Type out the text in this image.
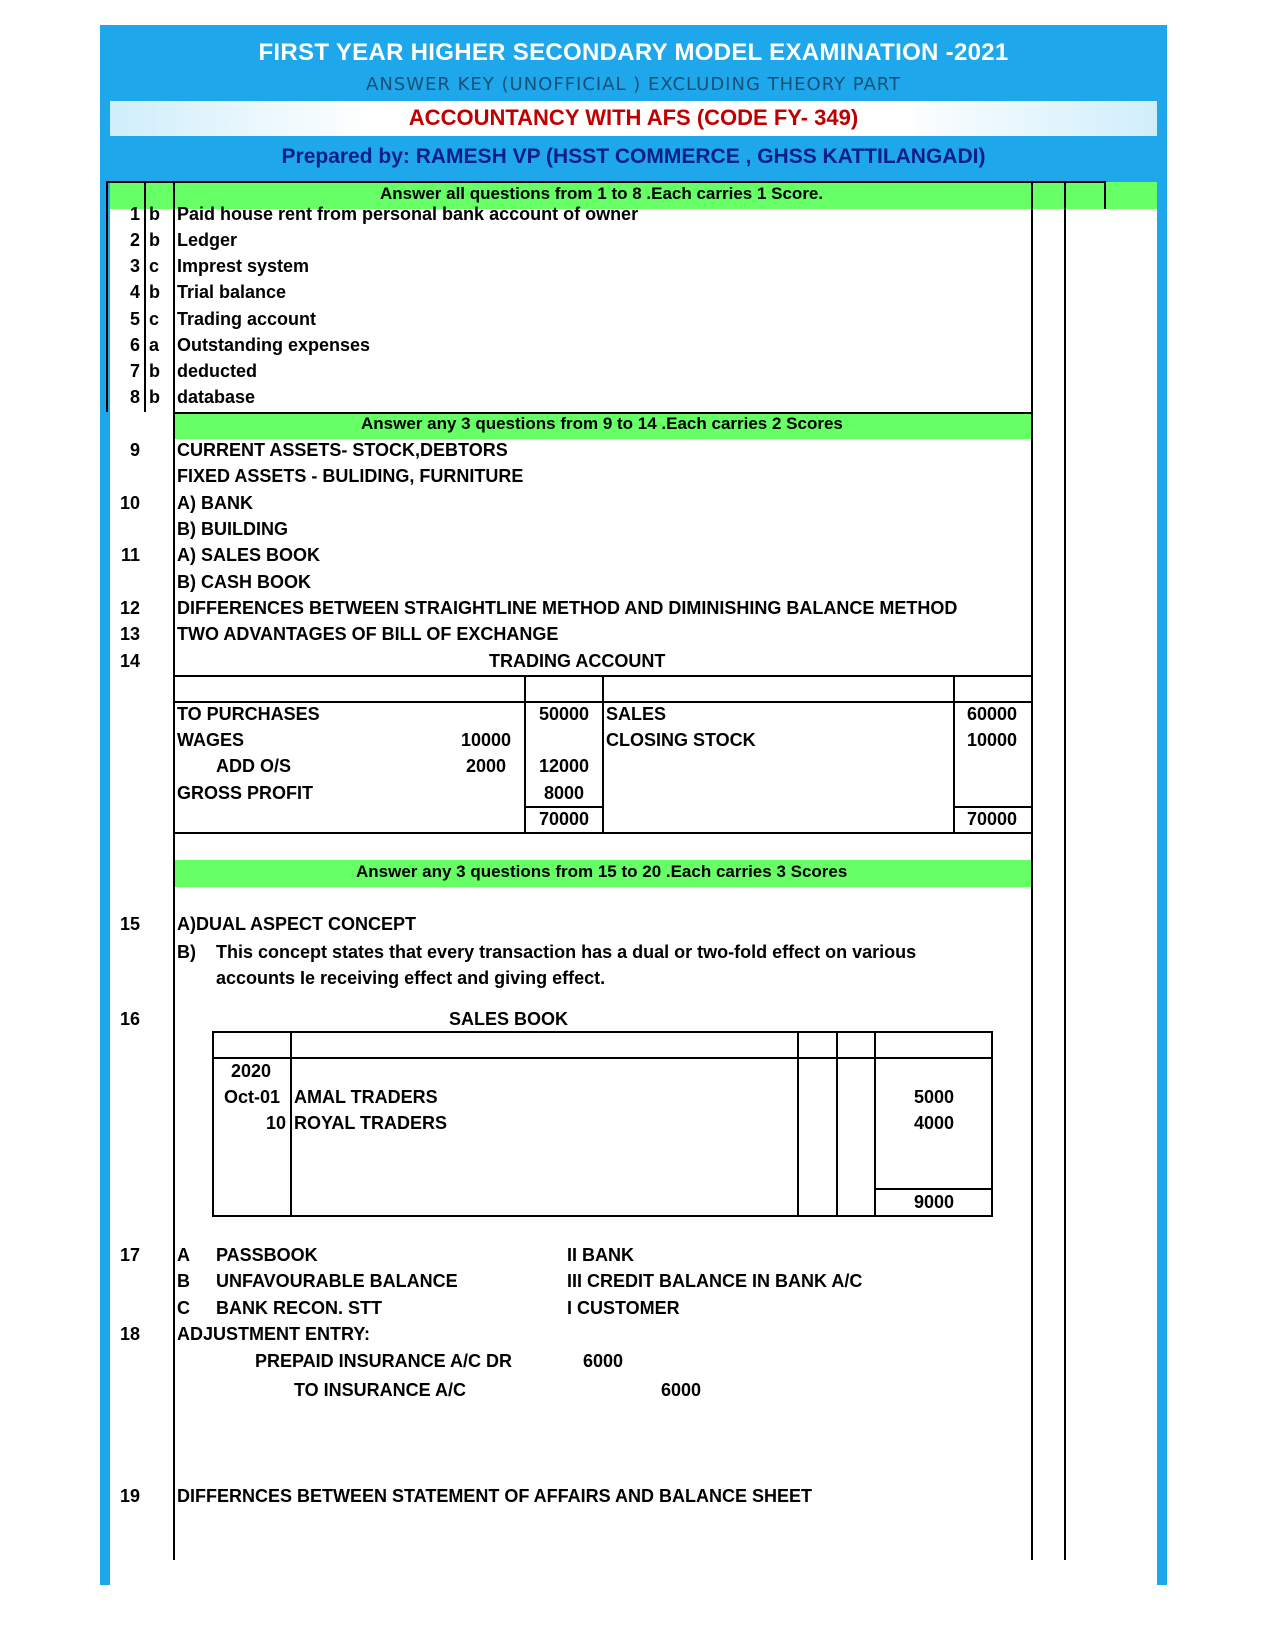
FIRST YEAR HIGHER SECONDARY MODEL EXAMINATION -2021
ANSWER KEY (UNOFFICIAL ) EXCLUDING THEORY PART
ACCOUNTANCY WITH AFS (CODE FY- 349)
Prepared by: RAMESH VP (HSST COMMERCE , GHSS KATTILANGADI)
Answer all questions from 1 to 8 .Each carries 1 Score.
1 b Paid house rent from personal bank account of owner
2 b Ledger
3 c Imprest system
4 b Trial balance
5 c Trading account
6 a Outstanding expenses
7 b deducted
8 b database
Answer any 3 questions from 9 to 14 .Each carries 2 Scores
9 CURRENT ASSETS- STOCK,DEBTORS
FIXED ASSETS - BULIDING, FURNITURE
10 A) BANK
B) BUILDING
11 A) SALES BOOK
B) CASH BOOK
12 DIFFERENCES BETWEEN STRAIGHTLINE METHOD AND DIMINISHING BALANCE METHOD
13 TWO ADVANTAGES OF BILL OF EXCHANGE
14	TRADING ACCOUNT
TO PURCHASES	50000 SALES	60000
WAGES	10000	CLOSING STOCK	10000
ADD O/S	2000 12000
GROSS PROFIT	8000
70000	70000
Answer any 3 questions from 15 to 20 .Each carries 3 Scores
15 A)DUAL ASPECT CONCEPT
B) This concept states that every transaction has a dual or two-fold effect on various
accounts Ie receiving effect and giving effect.
16	SALES BOOK
2020
Oct-01 AMAL TRADERS	5000
10 ROYAL TRADERS	4000
9000
17 A PASSBOOK	II BANK
B UNFAVOURABLE BALANCE	III CREDIT BALANCE IN BANK A/C
C BANK RECON. STT	I CUSTOMER
18 ADJUSTMENT ENTRY:
PREPAID INSURANCE A/C DR	6000
TO INSURANCE A/C	6000
19 DIFFERNCES BETWEEN STATEMENT OF AFFAIRS AND BALANCE SHEET
